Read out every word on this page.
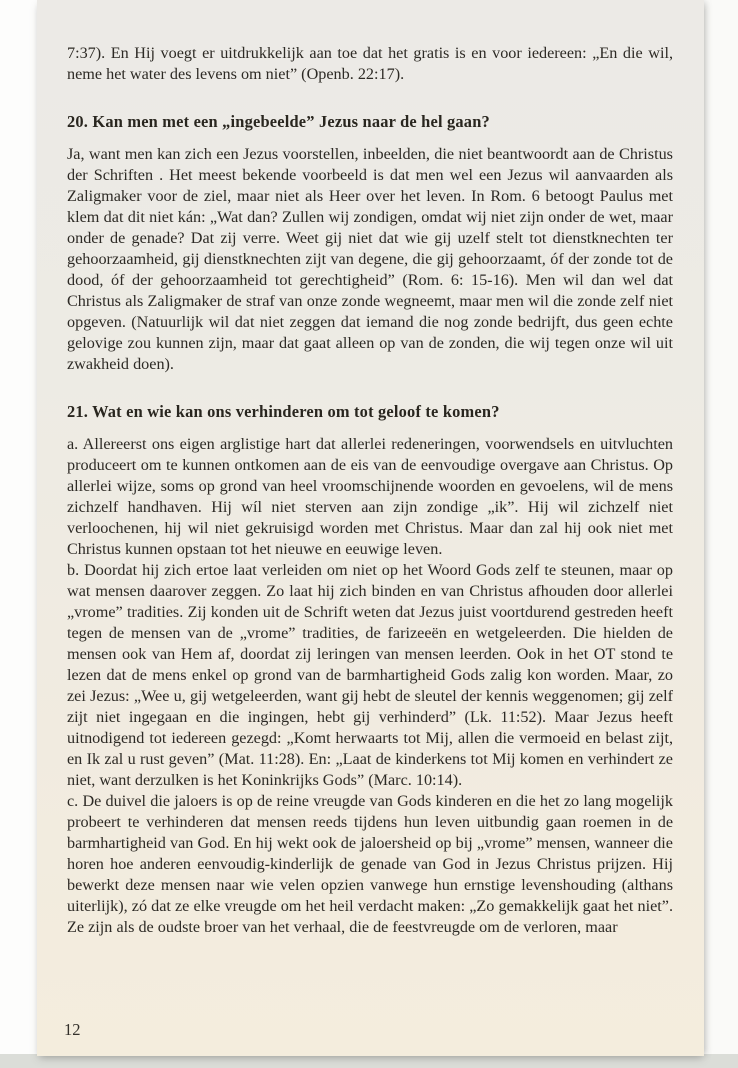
7:37). En Hij voegt er uitdrukkelijk aan toe dat het gratis is en voor iedereen: „En die wil, neme het water des levens om niet” (Openb. 22:17).

20. Kan men met een „ingebeelde” Jezus naar de hel gaan?

Ja, want men kan zich een Jezus voorstellen, inbeelden, die niet beantwoordt aan de Christus der Schriften . Het meest bekende voorbeeld is dat men wel een Jezus wil aanvaarden als Zaligmaker voor de ziel, maar niet als Heer over het leven. In Rom. 6 betoogt Paulus met klem dat dit niet kán: „Wat dan? Zullen wij zondigen, omdat wij niet zijn onder de wet, maar onder de genade? Dat zij verre. Weet gij niet dat wie gij uzelf stelt tot dienstknechten ter gehoorzaamheid, gij dienstknechten zijt van degene, die gij gehoorzaamt, óf der zonde tot de dood, óf der gehoorzaamheid tot gerechtigheid” (Rom. 6: 15-16). Men wil dan wel dat Christus als Zaligmaker de straf van onze zonde wegneemt, maar men wil die zonde zelf niet opgeven. (Natuurlijk wil dat niet zeggen dat iemand die nog zonde bedrijft, dus geen echte gelovige zou kunnen zijn, maar dat gaat alleen op van de zonden, die wij tegen onze wil uit zwakheid doen).

21. Wat en wie kan ons verhinderen om tot geloof te komen?

a. Allereerst ons eigen arglistige hart dat allerlei redeneringen, voorwendsels en uitvluchten produceert om te kunnen ontkomen aan de eis van de eenvoudige overgave aan Christus. Op allerlei wijze, soms op grond van heel vroomschijnende woorden en gevoelens, wil de mens zichzelf handhaven. Hij wíl niet sterven aan zijn zondige „ik”. Hij wil zichzelf niet verloochenen, hij wil niet gekruisigd worden met Christus. Maar dan zal hij ook niet met Christus kunnen opstaan tot het nieuwe en eeuwige leven.

b. Doordat hij zich ertoe laat verleiden om niet op het Woord Gods zelf te steunen, maar op wat mensen daarover zeggen. Zo laat hij zich binden en van Christus afhouden door allerlei „vrome” tradities. Zij konden uit de Schrift weten dat Jezus juist voortdurend gestreden heeft tegen de mensen van de „vrome” tradities, de farizeeën en wetgeleerden. Die hielden de mensen ook van Hem af, doordat zij leringen van mensen leerden. Ook in het OT stond te lezen dat de mens enkel op grond van de barmhartigheid Gods zalig kon worden. Maar, zo zei Jezus: „Wee u, gij wetgeleerden, want gij hebt de sleutel der kennis weggenomen; gij zelf zijt niet ingegaan en die ingingen, hebt gij verhinderd” (Lk. 11:52). Maar Jezus heeft uitnodigend tot iedereen gezegd: „Komt herwaarts tot Mij, allen die vermoeid en belast zijt, en Ik zal u rust geven” (Mat. 11:28). En: „Laat de kinderkens tot Mij komen en verhindert ze niet, want derzulken is het Koninkrijks Gods” (Marc. 10:14).

c. De duivel die jaloers is op de reine vreugde van Gods kinderen en die het zo lang mogelijk probeert te verhinderen dat mensen reeds tijdens hun leven uitbundig gaan roemen in de barmhartigheid van God. En hij wekt ook de jaloersheid op bij „vrome” mensen, wanneer die horen hoe anderen eenvoudig-kinderlijk de genade van God in Jezus Christus prijzen. Hij bewerkt deze mensen naar wie velen opzien vanwege hun ernstige levenshouding (althans uiterlijk), zó dat ze elke vreugde om het heil verdacht maken: „Zo gemakkelijk gaat het niet”. Ze zijn als de oudste broer van het verhaal, die de feestvreugde om de verloren, maar

12
